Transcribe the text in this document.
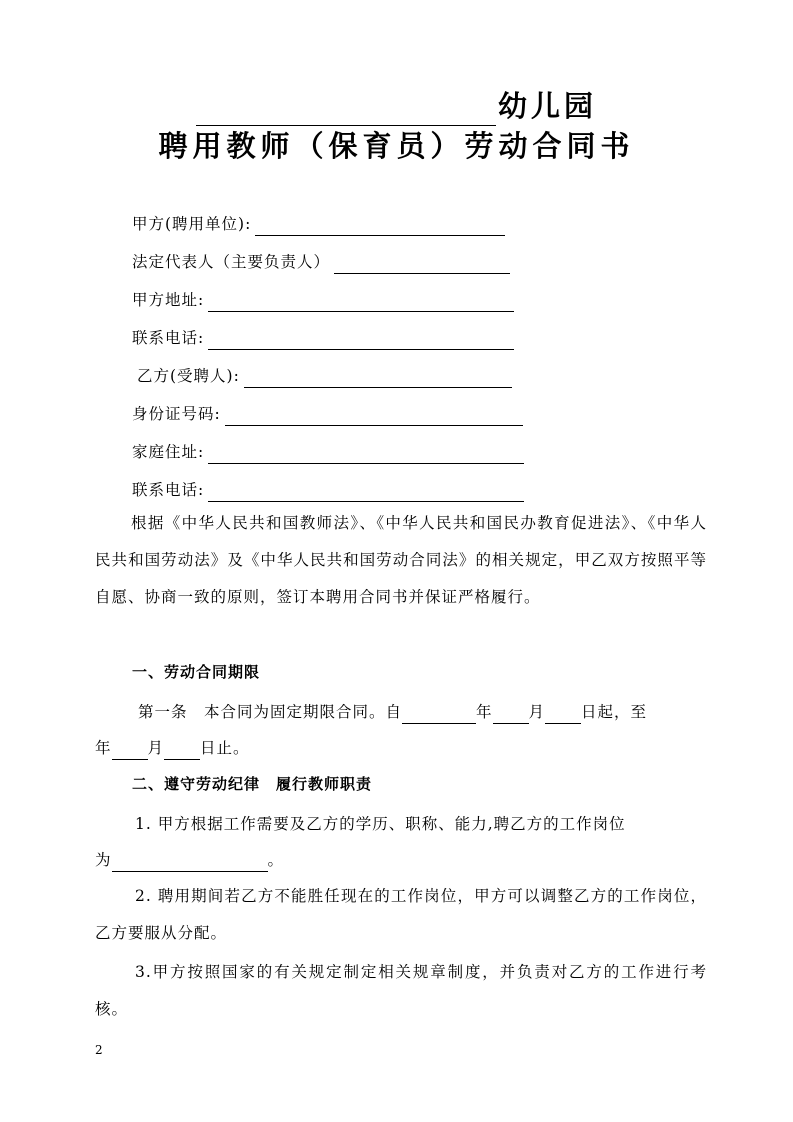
幼儿园
聘用教师（保育员）劳动合同书
甲方(聘用单位):
法定代表人（主要负责人）
甲方地址:
联系电话:
乙方(受聘人):
身份证号码:
家庭住址:
联系电话:
根据《中华人民共和国教师法》、《中华人民共和国民办教育促进法》、《中华人民共和国劳动法》及《中华人民共和国劳动合同法》的相关规定，甲乙双方按照平等自愿、协商一致的原则，签订本聘用合同书并保证严格履行。
一、劳动合同期限
第一条　本合同为固定期限合同。自	年 月 日起，至
年 月 日止。
二、遵守劳动纪律　履行教师职责
1. 甲方根据工作需要及乙方的学历、职称、能力,聘乙方的工作岗位
为	。
2. 聘用期间若乙方不能胜任现在的工作岗位，甲方可以调整乙方的工作岗位，乙方要服从分配。
3.甲方按照国家的有关规定制定相关规章制度，并负责对乙方的工作进行考核。
2
